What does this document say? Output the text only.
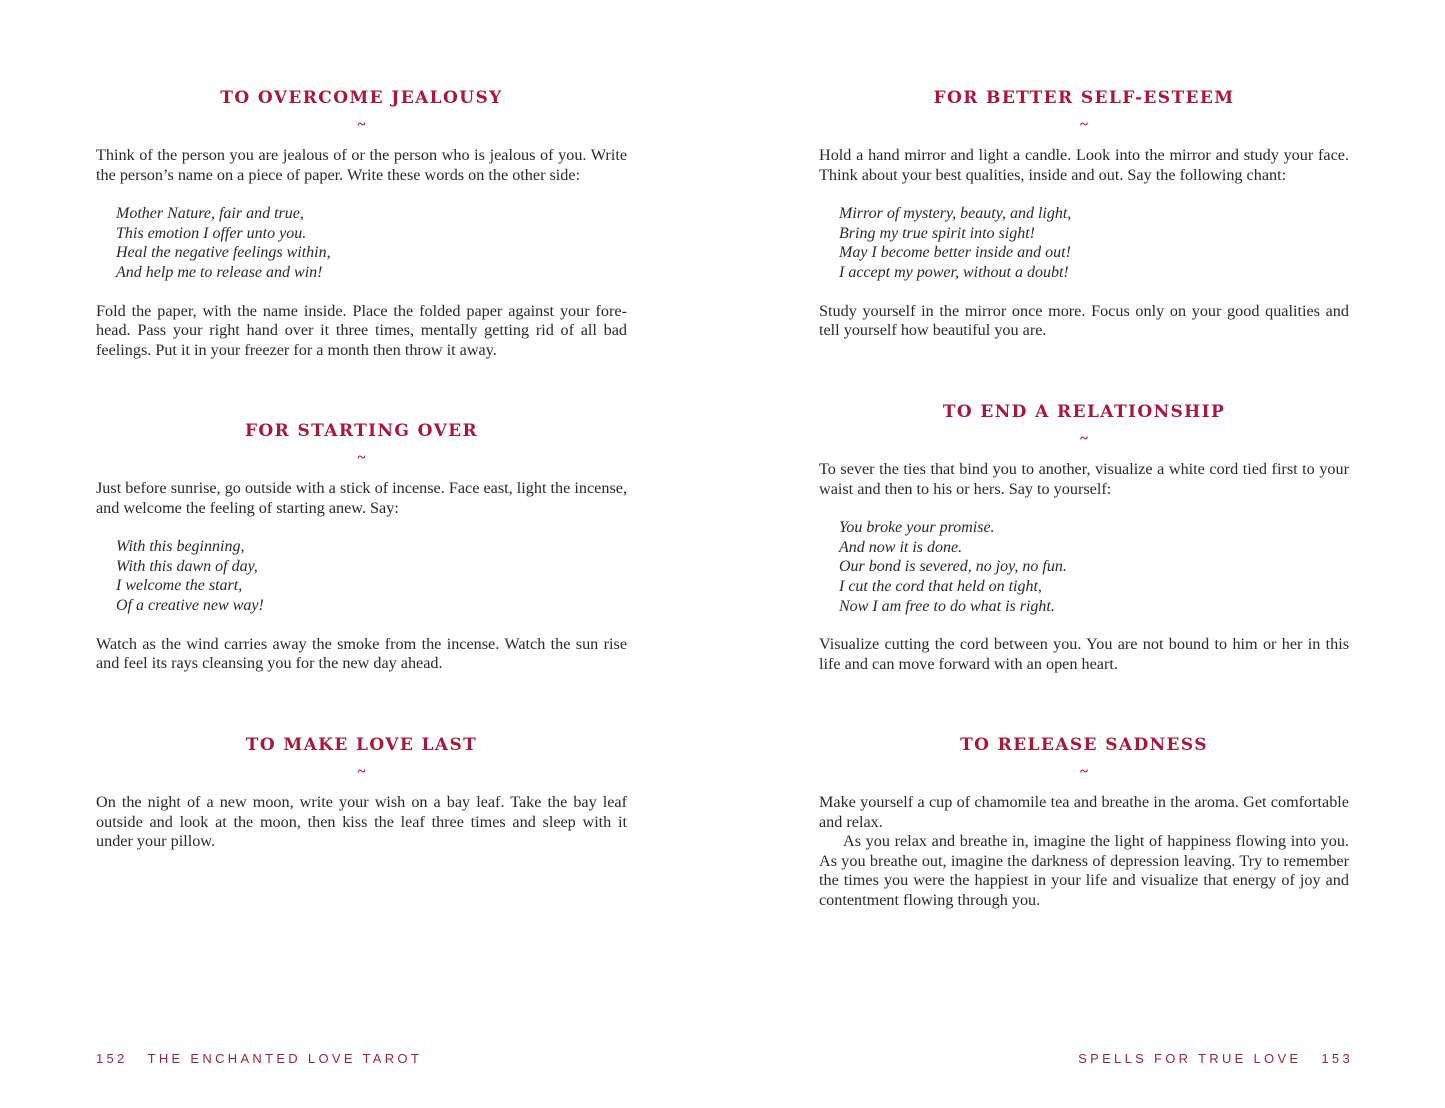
TO OVERCOME JEALOUSY
~

Think of the person you are jealous of or the person who is jealous of you. Write the person’s name on a piece of paper. Write these words on the other side:

Mother Nature, fair and true,
This emotion I offer unto you.
Heal the negative feelings within,
And help me to release and win!

Fold the paper, with the name inside. Place the folded paper against your forehead. Pass your right hand over it three times, mentally getting rid of all bad feelings. Put it in your freezer for a month then throw it away.

FOR STARTING OVER
~

Just before sunrise, go outside with a stick of incense. Face east, light the incense, and welcome the feeling of starting anew. Say:

With this beginning,
With this dawn of day,
I welcome the start,
Of a creative new way!

Watch as the wind carries away the smoke from the incense. Watch the sun rise and feel its rays cleansing you for the new day ahead.

TO MAKE LOVE LAST
~

On the night of a new moon, write your wish on a bay leaf. Take the bay leaf outside and look at the moon, then kiss the leaf three times and sleep with it under your pillow.

152 THE ENCHANTED LOVE TAROT
FOR BETTER SELF-ESTEEM
~

Hold a hand mirror and light a candle. Look into the mirror and study your face. Think about your best qualities, inside and out. Say the following chant:

Mirror of mystery, beauty, and light,
Bring my true spirit into sight!
May I become better inside and out!
I accept my power, without a doubt!

Study yourself in the mirror once more. Focus only on your good qualities and tell yourself how beautiful you are.

TO END A RELATIONSHIP
~

To sever the ties that bind you to another, visualize a white cord tied first to your waist and then to his or hers. Say to yourself:

You broke your promise.
And now it is done.
Our bond is severed, no joy, no fun.
I cut the cord that held on tight,
Now I am free to do what is right.

Visualize cutting the cord between you. You are not bound to him or her in this life and can move forward with an open heart.

TO RELEASE SADNESS
~

Make yourself a cup of chamomile tea and breathe in the aroma. Get comfortable and relax.

As you relax and breathe in, imagine the light of happiness flowing into you. As you breathe out, imagine the darkness of depression leaving. Try to remember the times you were the happiest in your life and visualize that energy of joy and contentment flowing through you.

SPELLS FOR TRUE LOVE 153
